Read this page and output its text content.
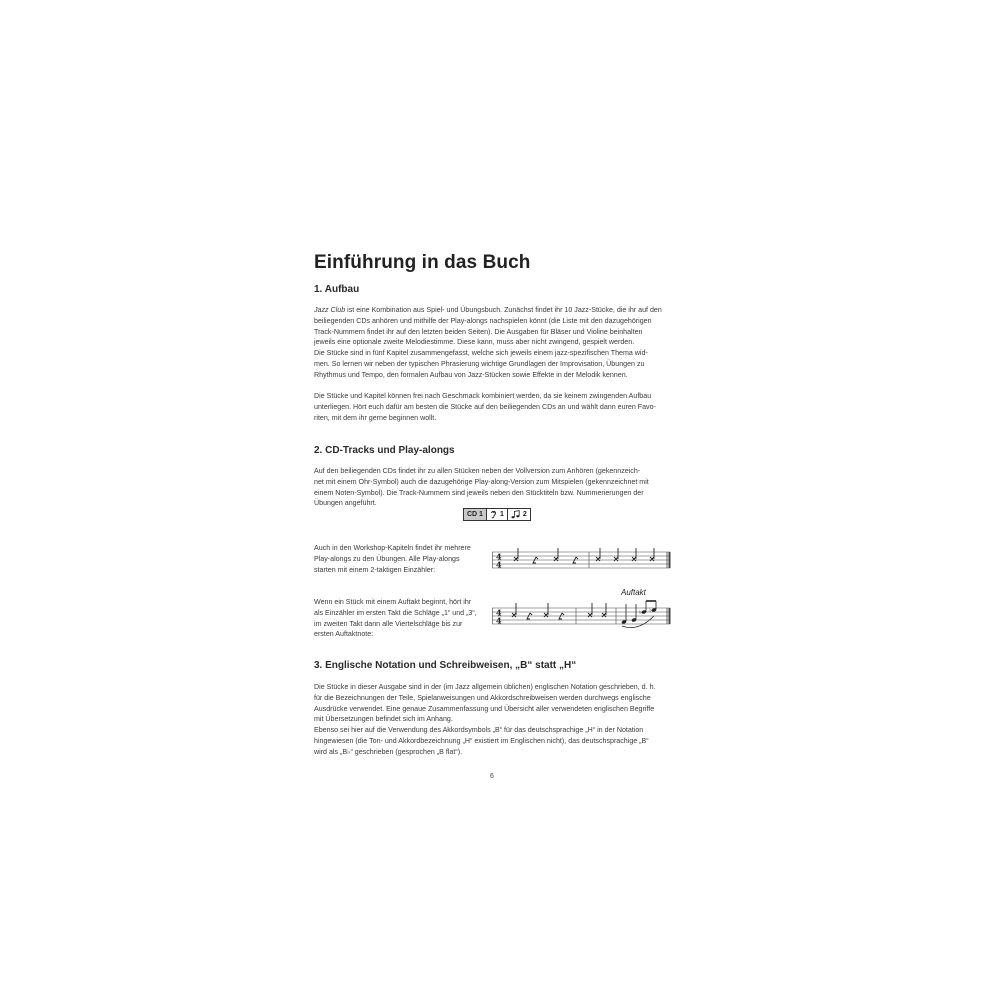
Einführung in das Buch
1. Aufbau

Jazz Club ist eine Kombination aus Spiel- und Übungsbuch. Zunächst findet ihr 10 Jazz-Stücke, die ihr auf den
beiliegenden CDs anhören und mithilfe der Play-alongs nachspielen könnt (die Liste mit den dazugehörigen
Track-Nummern findet ihr auf den letzten beiden Seiten). Die Ausgaben für Bläser und Violine beinhalten
jeweils eine optionale zweite Melodiestimme. Diese kann, muss aber nicht zwingend, gespielt werden.
Die Stücke sind in fünf Kapitel zusammengefasst, welche sich jeweils einem jazz-spezifischen Thema wid-
men. So lernen wir neben der typischen Phrasierung wichtige Grundlagen der Improvisation, Übungen zu
Rhythmus und Tempo, den formalen Aufbau von Jazz-Stücken sowie Effekte in der Melodik kennen.

Die Stücke und Kapitel können frei nach Geschmack kombiniert werden, da sie keinem zwingenden Aufbau
unterliegen. Hört euch dafür am besten die Stücke auf den beiliegenden CDs an und wählt dann euren Favo-
riten, mit dem ihr gerne beginnen wollt.

2. CD-Tracks und Play-alongs

Auf den beiliegenden CDs findet ihr zu allen Stücken neben der Vollversion zum Anhören (gekennzeich-
net mit einem Ohr-Symbol) auch die dazugehörige Play-along-Version zum Mitspielen (gekennzeichnet mit
einem Noten-Symbol). Die Track-Nummern sind jeweils neben den Stücktiteln bzw. Nummerierungen der
Übungen angeführt.

CD 1	1	2

Auch in den Workshop-Kapiteln findet ihr mehrere
Play-alongs zu den Übungen. Alle Play-alongs
starten mit einem 2-taktigen Einzähler:

4
4

Wenn ein Stück mit einem Auftakt beginnt, hört ihr
als Einzähler im ersten Takt die Schläge „1“ und „3“,
im zweiten Takt dann alle Viertelschläge bis zur
ersten Auftaktnote:

Auftakt
4
4
♭ ♭
3. Englische Notation und Schreibweisen, „B“ statt „H“

Die Stücke in dieser Ausgabe sind in der (im Jazz allgemein üblichen) englischen Notation geschrieben, d. h.
für die Bezeichnungen der Teile, Spielanweisungen und Akkordschreibweisen werden durchwegs englische
Ausdrücke verwendet. Eine genaue Zusammenfassung und Übersicht aller verwendeten englischen Begriffe
mit Übersetzungen befindet sich im Anhang.
Ebenso sei hier auf die Verwendung des Akkordsymbols „B“ für das deutschsprachige „H“ in der Notation
hingewiesen (die Ton- und Akkordbezeichnung „H“ existiert im Englischen nicht), das deutschsprachige „B“
wird als „B♭“ geschrieben (gesprochen „B flat“).

6
